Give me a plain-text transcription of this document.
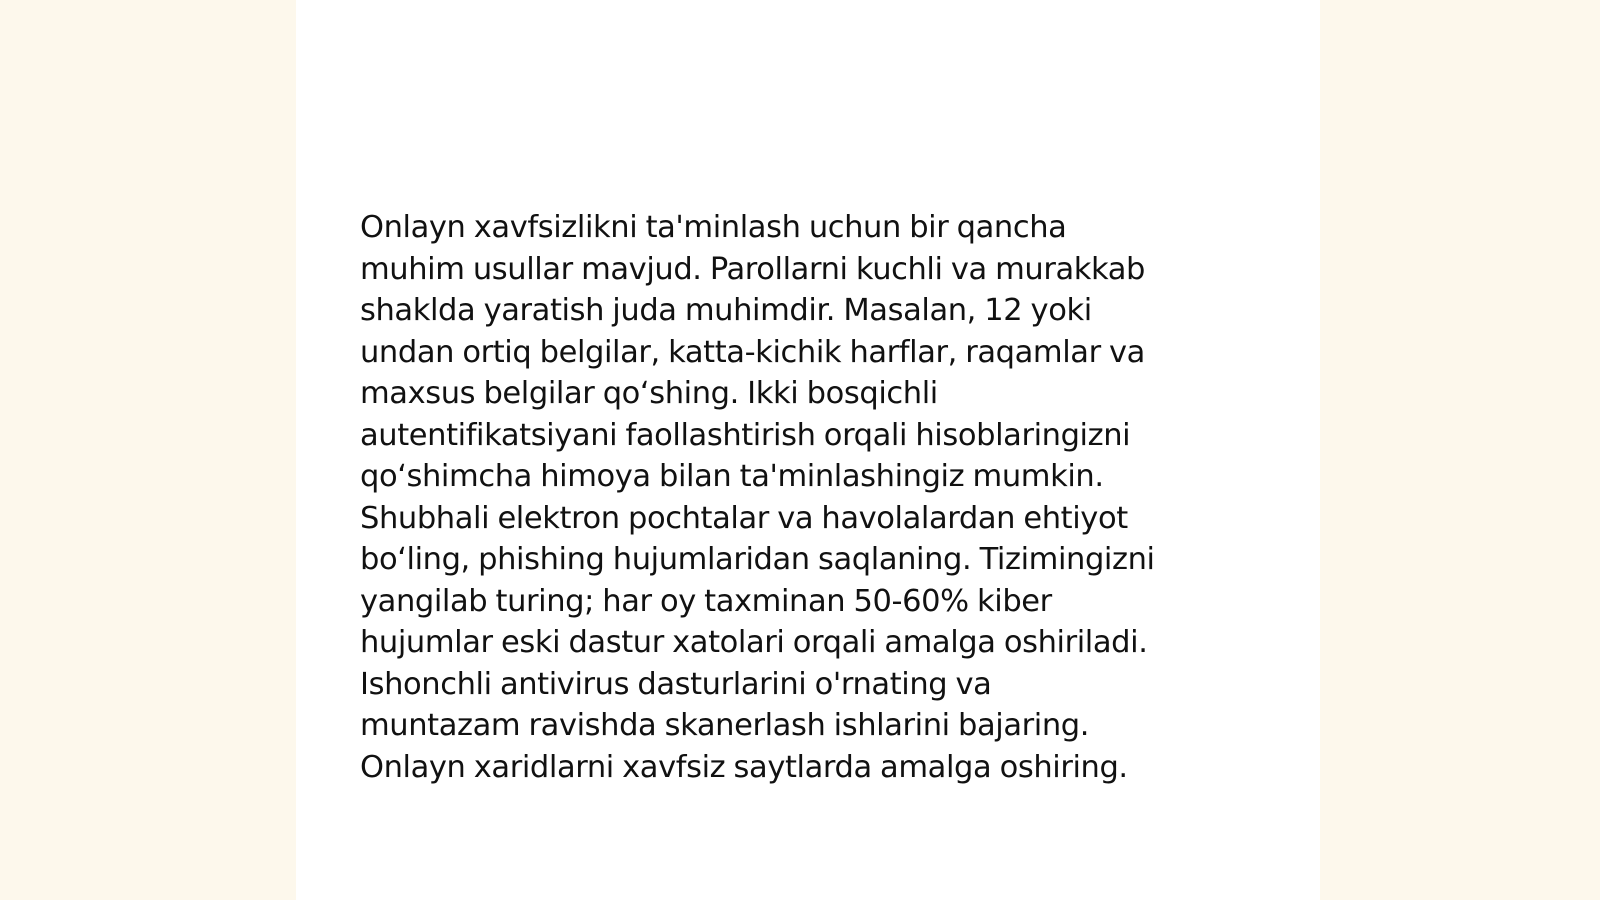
Onlayn xavfsizlikni ta'minlash uchun bir qancha
muhim usullar mavjud. Parollarni kuchli va murakkab
shaklda yaratish juda muhimdir. Masalan, 12 yoki
undan ortiq belgilar, katta-kichik harflar, raqamlar va
maxsus belgilar qo‘shing. Ikki bosqichli
autentifikatsiyani faollashtirish orqali hisoblaringizni
qo‘shimcha himoya bilan ta'minlashingiz mumkin.
Shubhali elektron pochtalar va havolalardan ehtiyot
bo‘ling, phishing hujumlaridan saqlaning. Tizimingizni
yangilab turing; har oy taxminan 50-60% kiber
hujumlar eski dastur xatolari orqali amalga oshiriladi.
Ishonchli antivirus dasturlarini o'rnating va
muntazam ravishda skanerlash ishlarini bajaring.
Onlayn xaridlarni xavfsiz saytlarda amalga oshiring.
